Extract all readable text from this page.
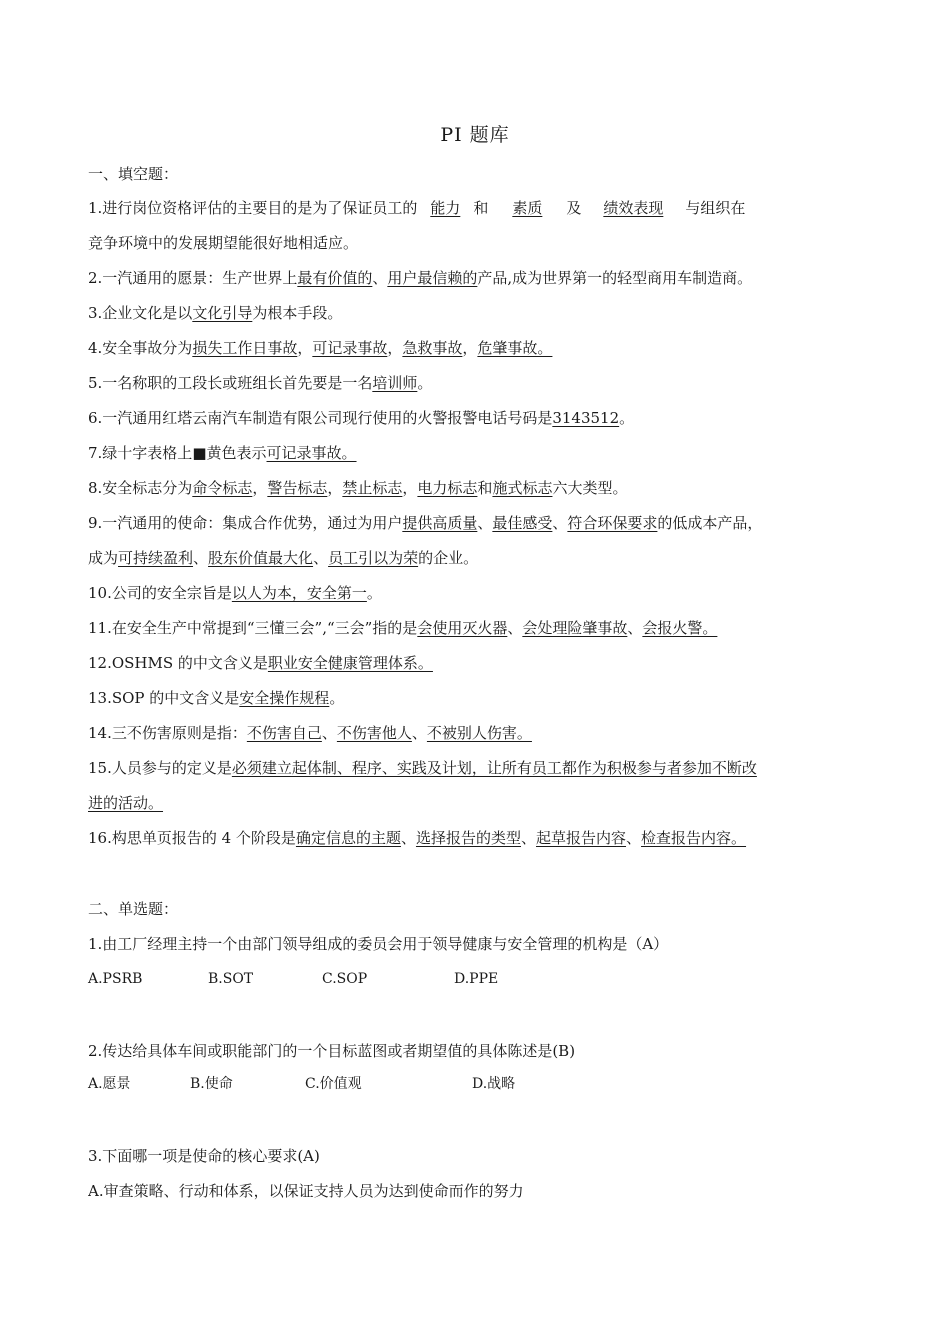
PI 题库
一、填空题：
1.进行岗位资格评估的主要目的是为了保证员工的 能力 和 素质 及 绩效表现 与组织在
竞争环境中的发展期望能很好地相适应。
2.一汽通用的愿景：生产世界上最有价值的、用户最信赖的产品,成为世界第一的轻型商用车制造商。
3.企业文化是以文化引导为根本手段。
4.安全事故分为损失工作日事故，可记录事故，急救事故，危肇事故。
5.一名称职的工段长或班组长首先要是一名培训师。
6.一汽通用红塔云南汽车制造有限公司现行使用的火警报警电话号码是3143512。
7.绿十字表格上■黄色表示可记录事故。
8.安全标志分为命令标志，警告标志，禁止标志，电力标志和施式标志六大类型。
9.一汽通用的使命：集成合作优势，通过为用户提供高质量、最佳感受、符合环保要求的低成本产品，
成为可持续盈利、股东价值最大化、员工引以为荣的企业。
10.公司的安全宗旨是以人为本，安全第一。
11.在安全生产中常提到“三懂三会”,“三会”指的是会使用灭火器、会处理险肇事故、会报火警。
12.OSHMS 的中文含义是职业安全健康管理体系。
13.SOP 的中文含义是安全操作规程。
14.三不伤害原则是指：不伤害自己、不伤害他人、不被别人伤害。
15.人员参与的定义是必须建立起体制、程序、实践及计划，让所有员工都作为积极参与者参加不断改
进的活动。
16.构思单页报告的 4 个阶段是确定信息的主题、选择报告的类型、起草报告内容、检查报告内容。
二、单选题：
1.由工厂经理主持一个由部门领导组成的委员会用于领导健康与安全管理的机构是（A）
A.PSRB	B.SOT	C.SOP	D.PPE
2.传达给具体车间或职能部门的一个目标蓝图或者期望值的具体陈述是(B)
A.愿景	B.使命	C.价值观	D.战略
3.下面哪一项是使命的核心要求(A)
A.审查策略、行动和体系，以保证支持人员为达到使命而作的努力
